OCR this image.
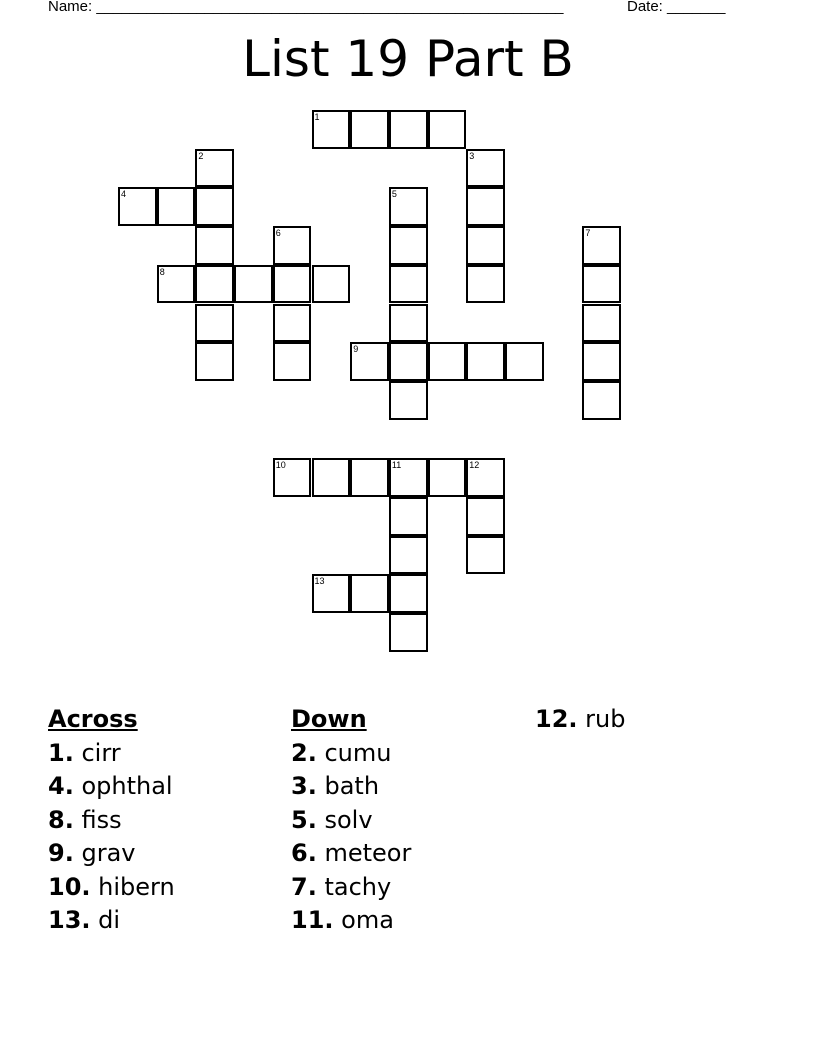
Name: ________________________________________________________	Date: _______
List 19 Part B
1
2	3
4	5
6	7
8
9
10	11	12
13
Across
1. cirr
4. ophthal
8. fiss
9. grav
10. hibern
13. di
Down
2. cumu
3. bath
5. solv
6. meteor
7. tachy
11. oma
12. rub
